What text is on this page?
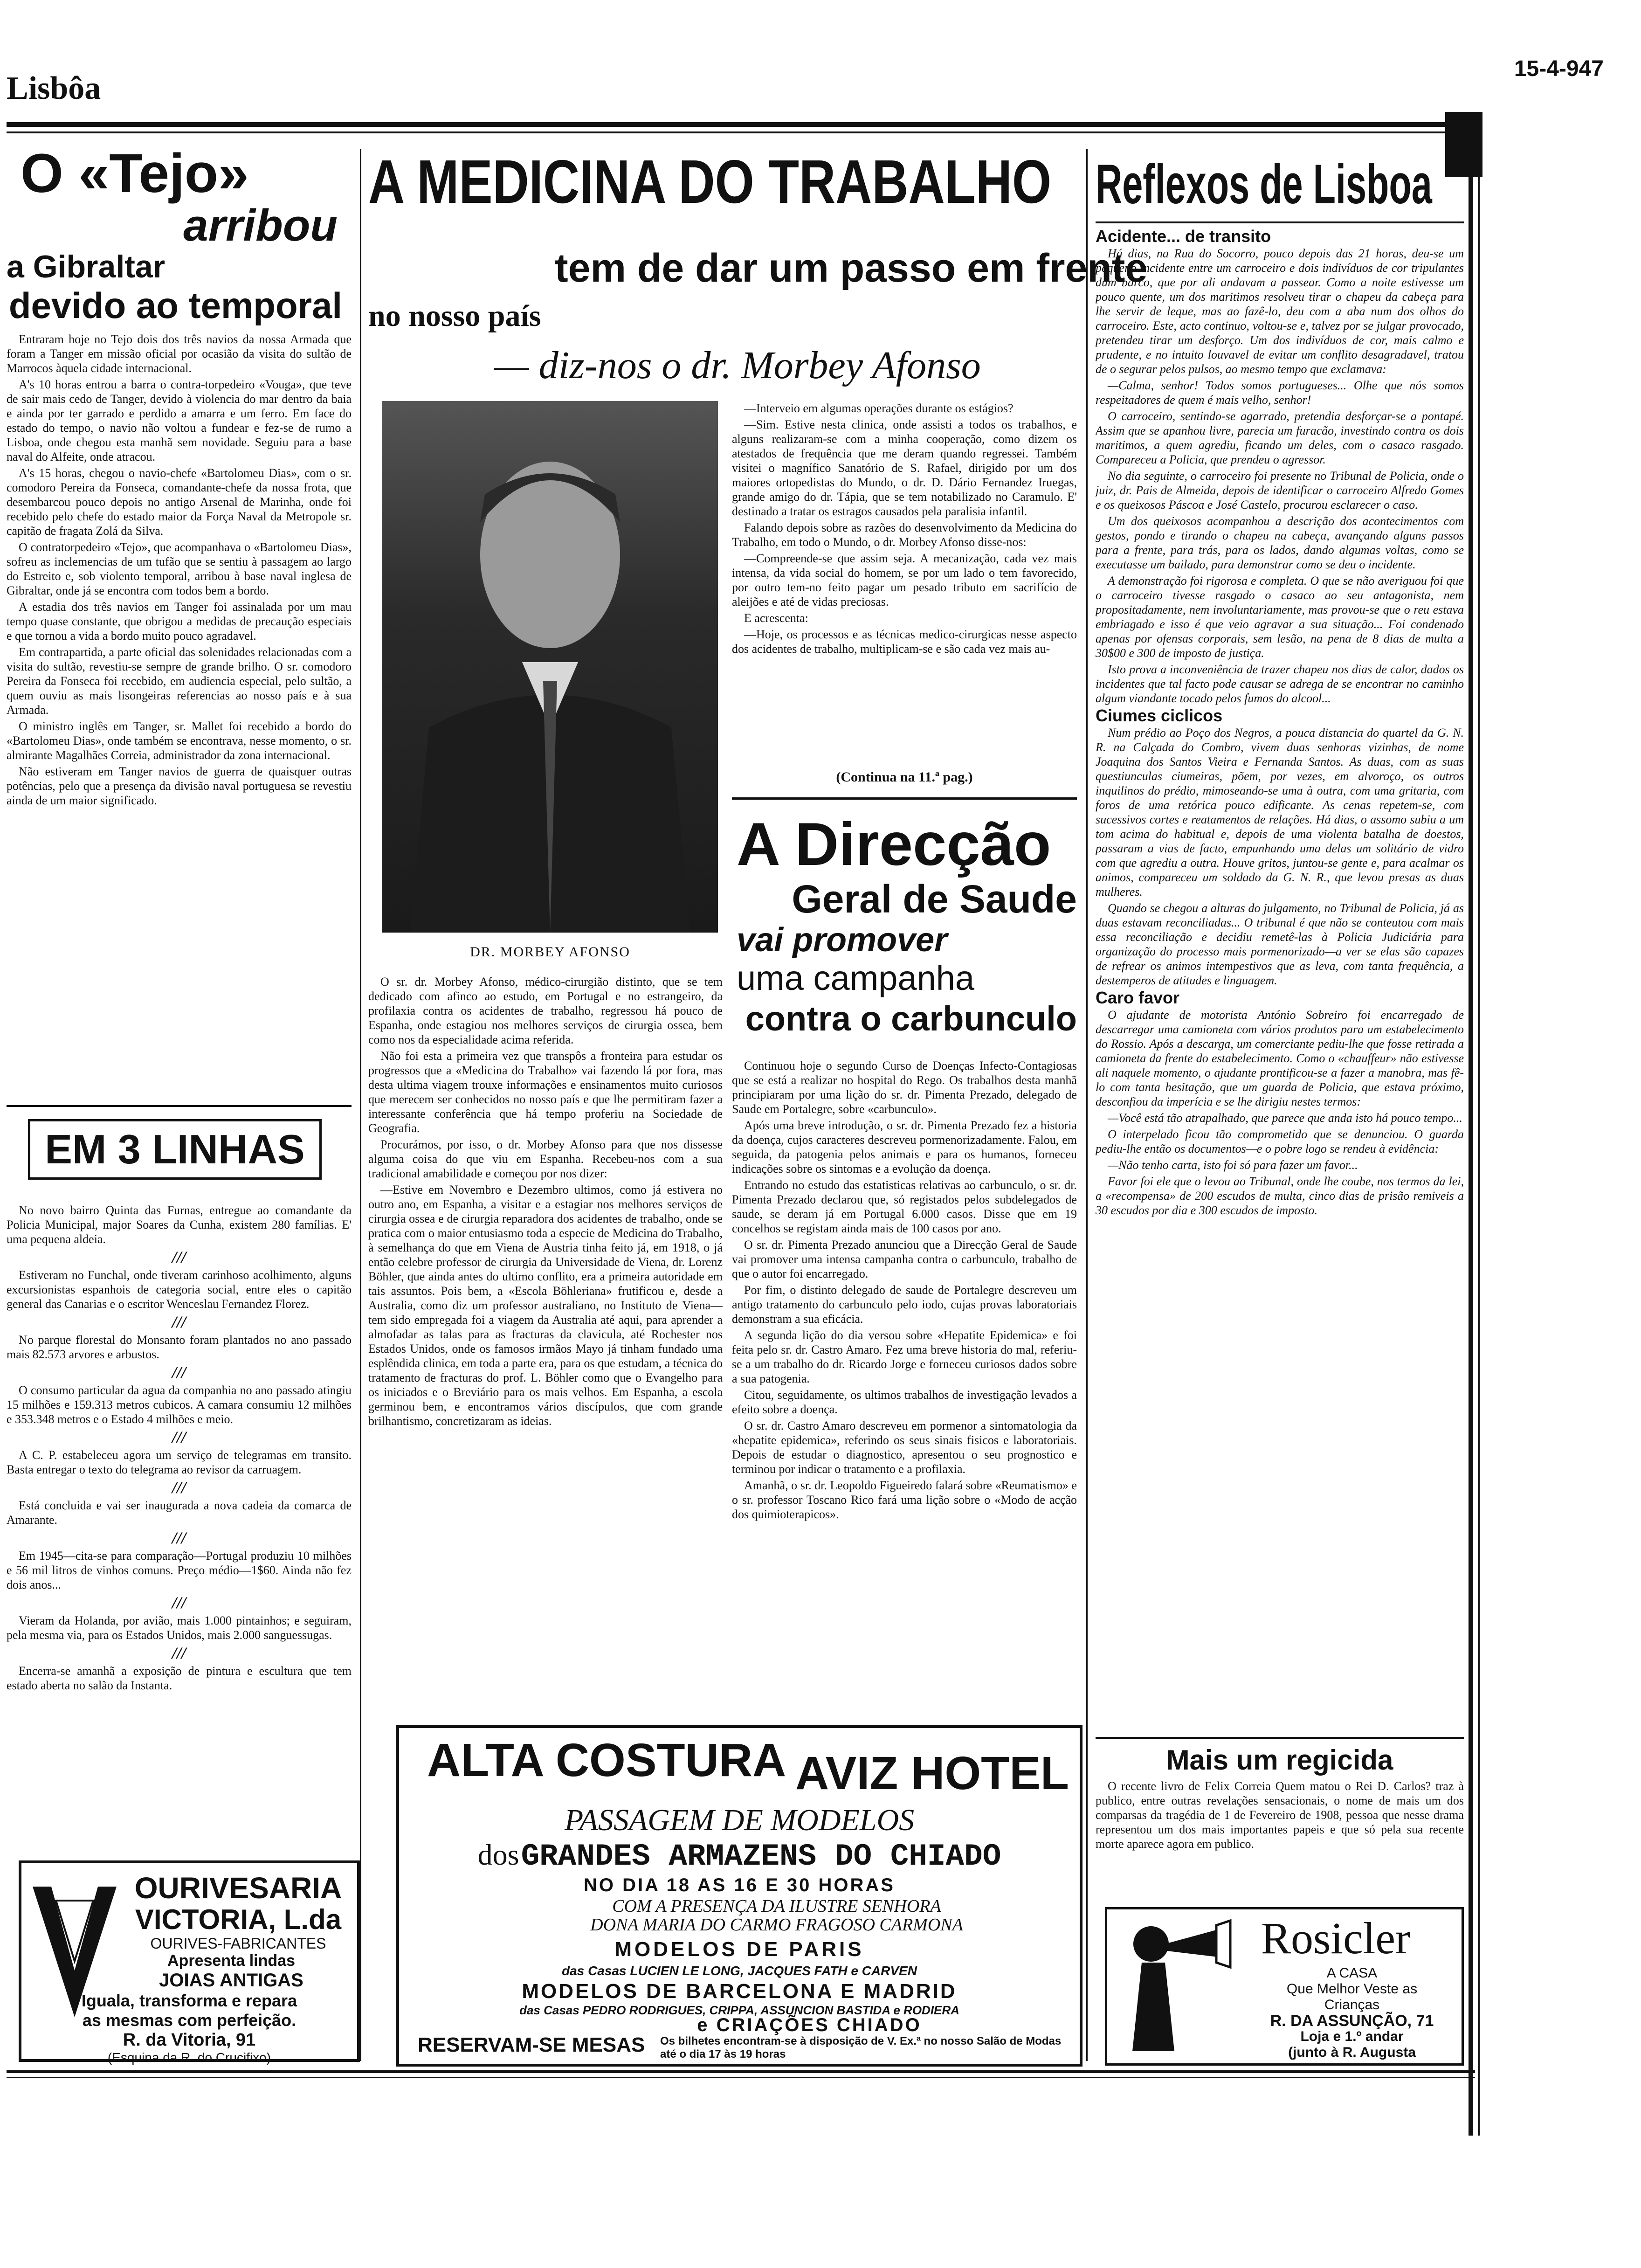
Lisbôa
15-4-947
O «Tejo»
arribou
a Gibraltar
devido ao temporal

Entraram hoje no Tejo dois dos três navios da nossa Armada que foram a Tanger em missão oficial por ocasião da visita do sultão de Marrocos àquela cidade internacional.

A's 10 horas entrou a barra o contra-torpedeiro «Vouga», que teve de sair mais cedo de Tanger, devido à violencia do mar dentro da baia e ainda por ter garrado e perdido a amarra e um ferro. Em face do estado do tempo, o navio não voltou a fundear e fez-se de rumo a Lisboa, onde chegou esta manhã sem novidade. Seguiu para a base naval do Alfeite, onde atracou.

A's 15 horas, chegou o navio-chefe «Bartolomeu Dias», com o sr. comodoro Pereira da Fonseca, comandante-chefe da nossa frota, que desembarcou pouco depois no antigo Arsenal de Marinha, onde foi recebido pelo chefe do estado maior da Força Naval da Metropole sr. capitão de fragata Zolá da Silva.

O contratorpedeiro «Tejo», que acompanhava o «Bartolomeu Dias», sofreu as inclemencias de um tufão que se sentiu à passagem ao largo do Estreito e, sob violento temporal, arribou à base naval inglesa de Gibraltar, onde já se encontra com todos bem a bordo.

A estadia dos três navios em Tanger foi assinalada por um mau tempo quase constante, que obrigou a medidas de precaução especiais e que tornou a vida a bordo muito pouco agradavel.

Em contrapartida, a parte oficial das solenidades relacionadas com a visita do sultão, revestiu-se sempre de grande brilho. O sr. comodoro Pereira da Fonseca foi recebido, em audiencia especial, pelo sultão, a quem ouviu as mais lisongeiras referencias ao nosso país e à sua Armada.

O ministro inglês em Tanger, sr. Mallet foi recebido a bordo do «Bartolomeu Dias», onde também se encontrava, nesse momento, o sr. almirante Magalhães Correia, administrador da zona internacional.

Não estiveram em Tanger navios de guerra de quaisquer outras potências, pelo que a presença da divisão naval portuguesa se revestiu ainda de um maior significado.

EM 3 LINHAS

No novo bairro Quinta das Furnas, entregue ao comandante da Policia Municipal, major Soares da Cunha, existem 280 famílias. E' uma pequena aldeia.

///

Estiveram no Funchal, onde tiveram carinhoso acolhimento, alguns excursionistas espanhois de categoria social, entre eles o capitão general das Canarias e o escritor Wenceslau Fernandez Florez.

///

No parque florestal do Monsanto foram plantados no ano passado mais 82.573 arvores e arbustos.

///

O consumo particular da agua da companhia no ano passado atingiu 15 milhões e 159.313 metros cubicos. A camara consumiu 12 milhões e 353.348 metros e o Estado 4 milhões e meio.

///

A C. P. estabeleceu agora um serviço de telegramas em transito. Basta entregar o texto do telegrama ao revisor da carruagem.

///

Está concluida e vai ser inaugurada a nova cadeia da comarca de Amarante.

///

Em 1945—cita-se para comparação—Portugal produziu 10 milhões e 56 mil litros de vinhos comuns. Preço médio—1$60. Ainda não fez dois anos...

///

Vieram da Holanda, por avião, mais 1.000 pintainhos; e seguiram, pela mesma via, para os Estados Unidos, mais 2.000 sanguessugas.

///

Encerra-se amanhã a exposição de pintura e escultura que tem estado aberta no salão da Instanta.

OURIVESARIA
VICTORIA, L.da
OURIVES-FABRICANTES
Apresenta lindas
JOIAS ANTIGAS
Iguala, transforma e repara
as mesmas com perfeição.
R. da Vitoria, 91
(Esquina da R. do Crucifixo)
A MEDICINA DO TRABALHO
tem de dar um passo em frente
no nosso país
— diz-nos o dr. Morbey Afonso
DR. MORBEY AFONSO

O sr. dr. Morbey Afonso, médico-cirurgião distinto, que se tem dedicado com afinco ao estudo, em Portugal e no estrangeiro, da profilaxia contra os acidentes de trabalho, regressou há pouco de Espanha, onde estagiou nos melhores serviços de cirurgia ossea, bem como nos da especialidade acima referida.

Não foi esta a primeira vez que transpôs a fronteira para estudar os progressos que a «Medicina do Trabalho» vai fazendo lá por fora, mas desta ultima viagem trouxe informações e ensinamentos muito curiosos que merecem ser conhecidos no nosso país e que lhe permitiram fazer a interessante conferência que há tempo proferiu na Sociedade de Geografia.

Procurámos, por isso, o dr. Morbey Afonso para que nos dissesse alguma coisa do que viu em Espanha. Recebeu-nos com a sua tradicional amabilidade e começou por nos dizer:

—Estive em Novembro e Dezembro ultimos, como já estivera no outro ano, em Espanha, a visitar e a estagiar nos melhores serviços de cirurgia ossea e de cirurgia reparadora dos acidentes de trabalho, onde se pratica com o maior entusiasmo toda a especie de Medicina do Trabalho, à semelhança do que em Viena de Austria tinha feito já, em 1918, o já então celebre professor de cirurgia da Universidade de Viena, dr. Lorenz Böhler, que ainda antes do ultimo conflito, era a primeira autoridade em tais assuntos. Pois bem, a «Escola Böhleriana» frutificou e, desde a Australia, como diz um professor australiano, no Instituto de Viena—tem sido empregada foi a viagem da Australia até aqui, para aprender a almofadar as talas para as fracturas da clavicula, até Rochester nos Estados Unidos, onde os famosos irmãos Mayo já tinham fundado uma esplêndida clinica, em toda a parte era, para os que estudam, a técnica do tratamento de fracturas do prof. L. Böhler como que o Evangelho para os iniciados e o Breviário para os mais velhos. Em Espanha, a escola germinou bem, e encontramos vários discípulos, que com grande brilhantismo, concretizaram as ideias.

—Interveio em algumas operações durante os estágios?

—Sim. Estive nesta clinica, onde assisti a todos os trabalhos, e alguns realizaram-se com a minha cooperação, como dizem os atestados de frequência que me deram quando regressei. Também visitei o magnífico Sanatório de S. Rafael, dirigido por um dos maiores ortopedistas do Mundo, o dr. D. Dário Fernandez Iruegas, grande amigo do dr. Tápia, que se tem notabilizado no Caramulo. E' destinado a tratar os estragos causados pela paralisia infantil.

Falando depois sobre as razões do desenvolvimento da Medicina do Trabalho, em todo o Mundo, o dr. Morbey Afonso disse-nos:

—Compreende-se que assim seja. A mecanização, cada vez mais intensa, da vida social do homem, se por um lado o tem favorecido, por outro tem-no feito pagar um pesado tributo em sacrifício de aleijões e até de vidas preciosas.

E acrescenta:

—Hoje, os processos e as técnicas medico-cirurgicas nesse aspecto dos acidentes de trabalho, multiplicam-se e são cada vez mais au-

(Continua na 11.ª pag.)
A Direcção
Geral de Saude
vai promover
uma campanha
contra o carbunculo

Continuou hoje o segundo Curso de Doenças Infecto-Contagiosas que se está a realizar no hospital do Rego. Os trabalhos desta manhã principiaram por uma lição do sr. dr. Pimenta Prezado, delegado de Saude em Portalegre, sobre «carbunculo».

Após uma breve introdução, o sr. dr. Pimenta Prezado fez a historia da doença, cujos caracteres descreveu pormenorizadamente. Falou, em seguida, da patogenia pelos animais e para os humanos, forneceu indicações sobre os sintomas e a evolução da doença.

Entrando no estudo das estatisticas relativas ao carbunculo, o sr. dr. Pimenta Prezado declarou que, só registados pelos subdelegados de saude, se deram já em Portugal 6.000 casos. Disse que em 19 concelhos se registam ainda mais de 100 casos por ano.

O sr. dr. Pimenta Prezado anunciou que a Direcção Geral de Saude vai promover uma intensa campanha contra o carbunculo, trabalho de que o autor foi encarregado.

Por fim, o distinto delegado de saude de Portalegre descreveu um antigo tratamento do carbunculo pelo iodo, cujas provas laboratoriais demonstram a sua eficácia.

A segunda lição do dia versou sobre «Hepatite Epidemica» e foi feita pelo sr. dr. Castro Amaro. Fez uma breve historia do mal, referiu-se a um trabalho do dr. Ricardo Jorge e forneceu curiosos dados sobre a sua patogenia.

Citou, seguidamente, os ultimos trabalhos de investigação levados a efeito sobre a doença.

O sr. dr. Castro Amaro descreveu em pormenor a sintomatologia da «hepatite epidemica», referindo os seus sinais fisicos e laboratoriais. Depois de estudar o diagnostico, apresentou o seu prognostico e terminou por indicar o tratamento e a profilaxia.

Amanhã, o sr. dr. Leopoldo Figueiredo falará sobre «Reumatismo» e o sr. professor Toscano Rico fará uma lição sobre o «Modo de acção dos quimioterapicos».

ALTA COSTURA AVIZ HOTEL
PASSAGEM DE MODELOS
dos GRANDES ARMAZENS DO CHIADO
NO DIA 18 AS 16 E 30 HORAS
COM A PRESENÇA DA ILUSTRE SENHORA
DONA MARIA DO CARMO FRAGOSO CARMONA
MODELOS DE PARIS
das Casas LUCIEN LE LONG, JACQUES FATH e CARVEN
MODELOS DE BARCELONA E MADRID
das Casas PEDRO RODRIGUES, CRIPPA, ASSUNCION BASTIDA e RODIERA
e CRIAÇÕES CHIADO
RESERVAM-SE MESAS Os bilhetes encontram-se à disposição de V. Ex.ª no nosso Salão de Modas até o dia 17 às 19 horas
Reflexos de Lisboa
Acidente... de transito

Há dias, na Rua do Socorro, pouco depois das 21 horas, deu-se um pequeno incidente entre um carroceiro e dois indivíduos de cor tripulantes dum barco, que por ali andavam a passear. Como a noite estivesse um pouco quente, um dos maritimos resolveu tirar o chapeu da cabeça para lhe servir de leque, mas ao fazê-lo, deu com a aba num dos olhos do carroceiro. Este, acto continuo, voltou-se e, talvez por se julgar provocado, pretendeu tirar um desforço. Um dos indivíduos de cor, mais calmo e prudente, e no intuito louvavel de evitar um conflito desagradavel, tratou de o segurar pelos pulsos, ao mesmo tempo que exclamava:

—Calma, senhor! Todos somos portugueses... Olhe que nós somos respeitadores de quem é mais velho, senhor!

O carroceiro, sentindo-se agarrado, pretendia desforçar-se a pontapé. Assim que se apanhou livre, parecia um furacão, investindo contra os dois maritimos, a quem agrediu, ficando um deles, com o casaco rasgado. Compareceu a Policia, que prendeu o agressor.

No dia seguinte, o carroceiro foi presente no Tribunal de Policia, onde o juiz, dr. Pais de Almeida, depois de identificar o carroceiro Alfredo Gomes e os queixosos Páscoa e José Castelo, procurou esclarecer o caso.

Um dos queixosos acompanhou a descrição dos acontecimentos com gestos, pondo e tirando o chapeu na cabeça, avançando alguns passos para a frente, para trás, para os lados, dando algumas voltas, como se executasse um bailado, para demonstrar como se deu o incidente.

A demonstração foi rigorosa e completa. O que se não averiguou foi que o carroceiro tivesse rasgado o casaco ao seu antagonista, nem propositadamente, nem involuntariamente, mas provou-se que o reu estava embriagado e isso é que veio agravar a sua situação... Foi condenado apenas por ofensas corporais, sem lesão, na pena de 8 dias de multa a 30$00 e 300 de imposto de justiça.

Isto prova a inconveniência de trazer chapeu nos dias de calor, dados os incidentes que tal facto pode causar se adrega de se encontrar no caminho algum viandante tocado pelos fumos do alcool...

Ciumes ciclicos

Num prédio ao Poço dos Negros, a pouca distancia do quartel da G. N. R. na Calçada do Combro, vivem duas senhoras vizinhas, de nome Joaquina dos Santos Vieira e Fernanda Santos. As duas, com as suas questiunculas ciumeiras, põem, por vezes, em alvoroço, os outros inquilinos do prédio, mimoseando-se uma à outra, com uma gritaria, com foros de uma retórica pouco edificante. As cenas repetem-se, com sucessivos cortes e reatamentos de relações. Há dias, o assomo subiu a um tom acima do habitual e, depois de uma violenta batalha de doestos, passaram a vias de facto, empunhando uma delas um solitário de vidro com que agrediu a outra. Houve gritos, juntou-se gente e, para acalmar os animos, compareceu um soldado da G. N. R., que levou presas as duas mulheres.

Quando se chegou a alturas do julgamento, no Tribunal de Policia, já as duas estavam reconciliadas... O tribunal é que não se conteutou com mais essa reconciliação e decidiu remetê-las à Policia Judiciária para organização do processo mais pormenorizado—a ver se elas são capazes de refrear os animos intempestivos que as leva, com tanta frequência, a destemperos de atitudes e linguagem.

Caro favor

O ajudante de motorista António Sobreiro foi encarregado de descarregar uma camioneta com vários produtos para um estabelecimento do Rossio. Após a descarga, um comerciante pediu-lhe que fosse retirada a camioneta da frente do estabelecimento. Como o «chauffeur» não estivesse ali naquele momento, o ajudante prontificou-se a fazer a manobra, mas fê-lo com tanta hesitação, que um guarda de Policia, que estava próximo, desconfiou da imperícia e se lhe dirigiu nestes termos:

—Você está tão atrapalhado, que parece que anda isto há pouco tempo...

O interpelado ficou tão comprometido que se denunciou. O guarda pediu-lhe então os documentos—e o pobre logo se rendeu à evidência:

—Não tenho carta, isto foi só para fazer um favor...

Favor foi ele que o levou ao Tribunal, onde lhe coube, nos termos da lei, a «recompensa» de 200 escudos de multa, cinco dias de prisão remiveis a 30 escudos por dia e 300 escudos de imposto.

Mais um regicida

O recente livro de Felix Correia Quem matou o Rei D. Carlos? traz à publico, entre outras revelações sensacionais, o nome de mais um dos comparsas da tragédia de 1 de Fevereiro de 1908, pessoa que nesse drama representou um dos mais importantes papeis e que só pela sua recente morte aparece agora em publico.

Rosicler
A CASA
Que Melhor Veste as
Crianças
R. DA ASSUNÇÃO, 71
Loja e 1.º andar
(junto à R. Augusta
